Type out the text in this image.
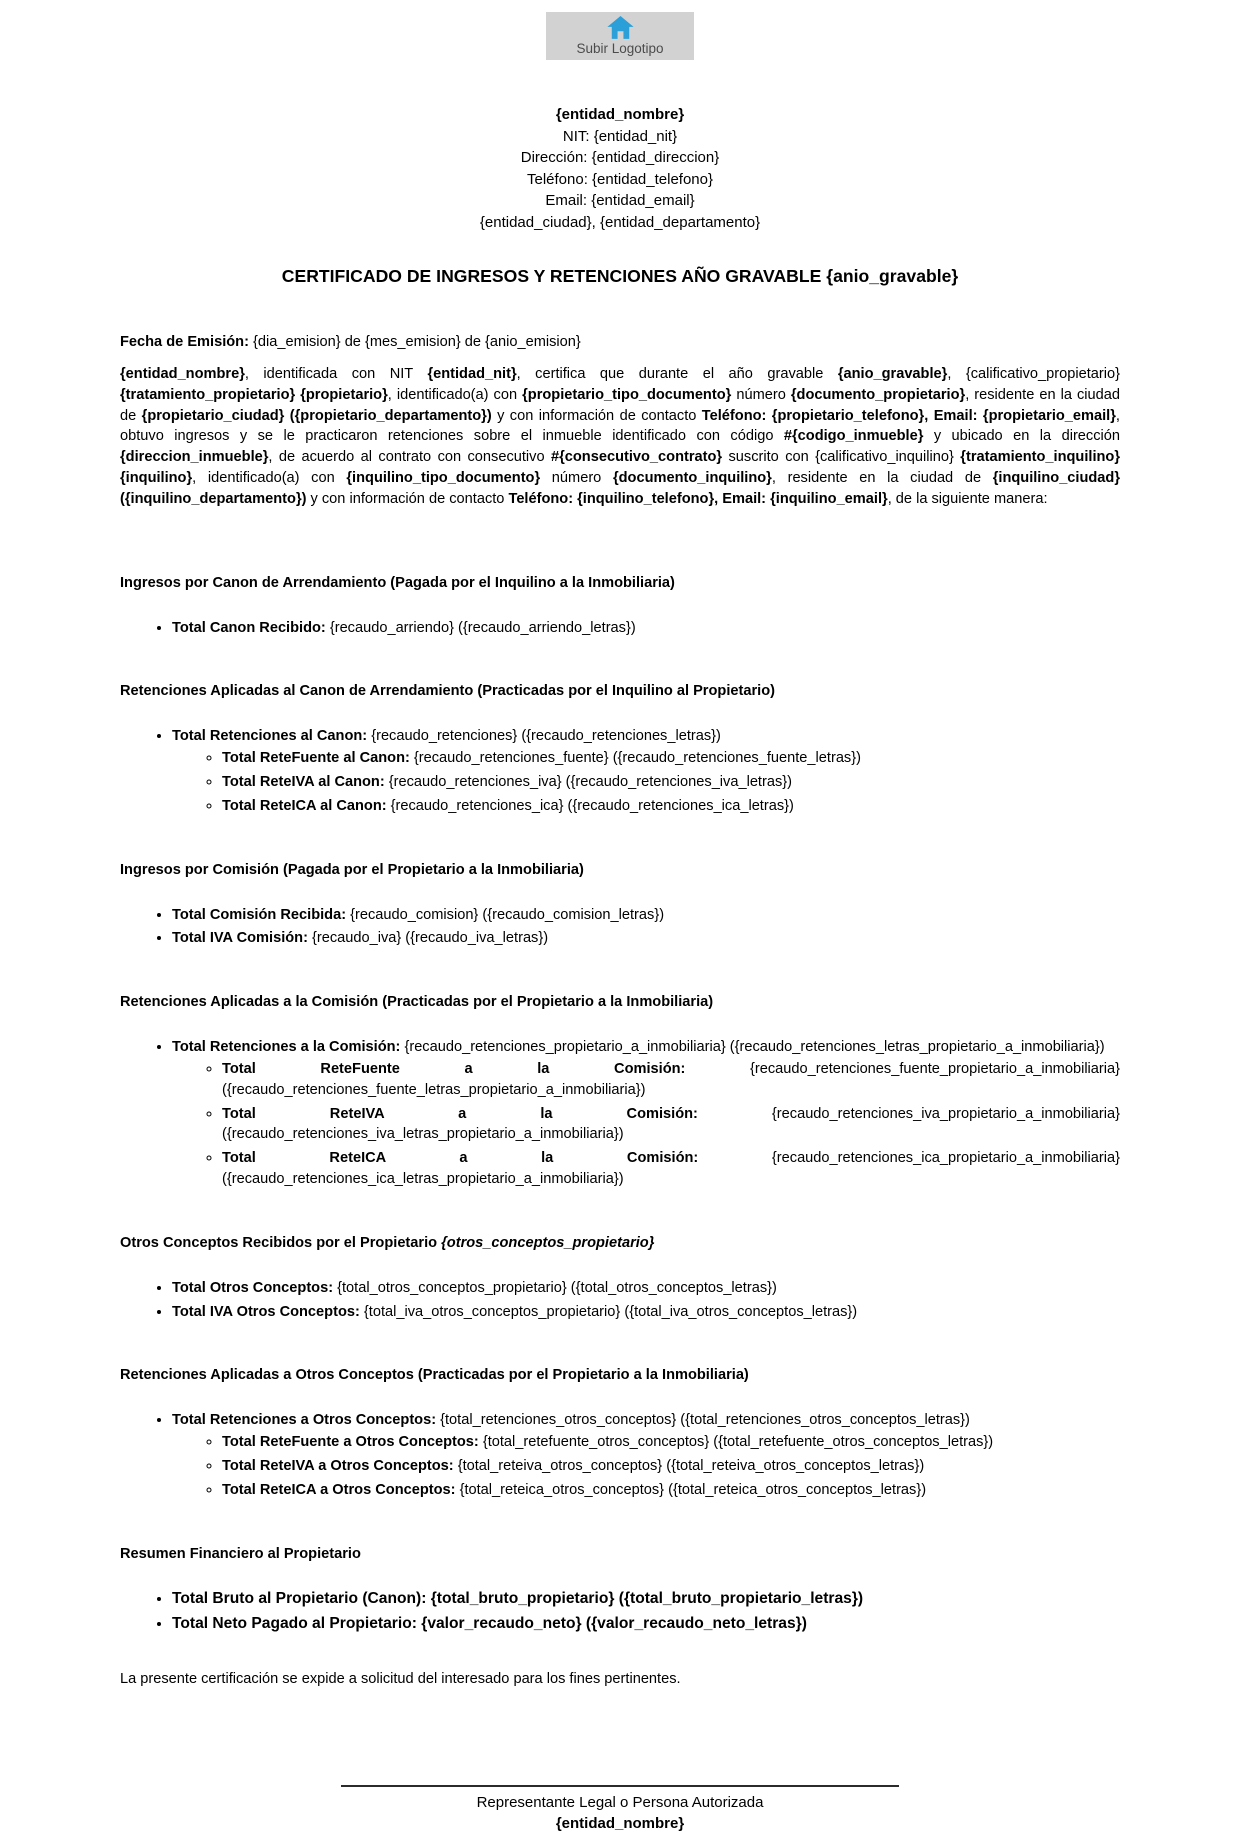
Subir Logotipo
{entidad_nombre}
NIT: {entidad_nit}
Dirección: {entidad_direccion}
Teléfono: {entidad_telefono}
Email: {entidad_email}
{entidad_ciudad}, {entidad_departamento}
CERTIFICADO DE INGRESOS Y RETENCIONES AÑO GRAVABLE {anio_gravable}

Fecha de Emisión: {dia_emision} de {mes_emision} de {anio_emision}

{entidad_nombre}, identificada con NIT {entidad_nit}, certifica que durante el año gravable {anio_gravable}, {calificativo_propietario} {tratamiento_propietario} {propietario}, identificado(a) con {propietario_tipo_documento} número {documento_propietario}, residente en la ciudad de {propietario_ciudad} ({propietario_departamento}) y con información de contacto Teléfono: {propietario_telefono}, Email: {propietario_email}, obtuvo ingresos y se le practicaron retenciones sobre el inmueble identificado con código #{codigo_inmueble} y ubicado en la dirección {direccion_inmueble}, de acuerdo al contrato con consecutivo #{consecutivo_contrato} suscrito con {calificativo_inquilino} {tratamiento_inquilino} {inquilino}, identificado(a) con {inquilino_tipo_documento} número {documento_inquilino}, residente en la ciudad de {inquilino_ciudad} ({inquilino_departamento}) y con información de contacto Teléfono: {inquilino_telefono}, Email: {inquilino_email}, de la siguiente manera:

Ingresos por Canon de Arrendamiento (Pagada por el Inquilino a la Inmobiliaria)
• Total Canon Recibido: {recaudo_arriendo} ({recaudo_arriendo_letras})
Retenciones Aplicadas al Canon de Arrendamiento (Practicadas por el Inquilino al Propietario)
• Total Retenciones al Canon: {recaudo_retenciones} ({recaudo_retenciones_letras})
◦ Total ReteFuente al Canon: {recaudo_retenciones_fuente} ({recaudo_retenciones_fuente_letras})
◦ Total ReteIVA al Canon: {recaudo_retenciones_iva} ({recaudo_retenciones_iva_letras})
◦ Total ReteICA al Canon: {recaudo_retenciones_ica} ({recaudo_retenciones_ica_letras})
Ingresos por Comisión (Pagada por el Propietario a la Inmobiliaria)
• Total Comisión Recibida: {recaudo_comision} ({recaudo_comision_letras})
• Total IVA Comisión: {recaudo_iva} ({recaudo_iva_letras})
Retenciones Aplicadas a la Comisión (Practicadas por el Propietario a la Inmobiliaria)
• Total Retenciones a la Comisión: {recaudo_retenciones_propietario_a_inmobiliaria} ({recaudo_retenciones_letras_propietario_a_inmobiliaria})
◦ Total ReteFuente a la Comisión: {recaudo_retenciones_fuente_propietario_a_inmobiliaria} ({recaudo_retenciones_fuente_letras_propietario_a_inmobiliaria})
◦ Total ReteIVA a la Comisión: {recaudo_retenciones_iva_propietario_a_inmobiliaria} ({recaudo_retenciones_iva_letras_propietario_a_inmobiliaria})
◦ Total ReteICA a la Comisión: {recaudo_retenciones_ica_propietario_a_inmobiliaria} ({recaudo_retenciones_ica_letras_propietario_a_inmobiliaria})
Otros Conceptos Recibidos por el Propietario {otros_conceptos_propietario}
• Total Otros Conceptos: {total_otros_conceptos_propietario} ({total_otros_conceptos_letras})
• Total IVA Otros Conceptos: {total_iva_otros_conceptos_propietario} ({total_iva_otros_conceptos_letras})
Retenciones Aplicadas a Otros Conceptos (Practicadas por el Propietario a la Inmobiliaria)
• Total Retenciones a Otros Conceptos: {total_retenciones_otros_conceptos} ({total_retenciones_otros_conceptos_letras})
◦ Total ReteFuente a Otros Conceptos: {total_retefuente_otros_conceptos} ({total_retefuente_otros_conceptos_letras})
◦ Total ReteIVA a Otros Conceptos: {total_reteiva_otros_conceptos} ({total_reteiva_otros_conceptos_letras})
◦ Total ReteICA a Otros Conceptos: {total_reteica_otros_conceptos} ({total_reteica_otros_conceptos_letras})
Resumen Financiero al Propietario
• Total Bruto al Propietario (Canon): {total_bruto_propietario} ({total_bruto_propietario_letras})
• Total Neto Pagado al Propietario: {valor_recaudo_neto} ({valor_recaudo_neto_letras})

La presente certificación se expide a solicitud del interesado para los fines pertinentes.

Representante Legal o Persona Autorizada
{entidad_nombre}
